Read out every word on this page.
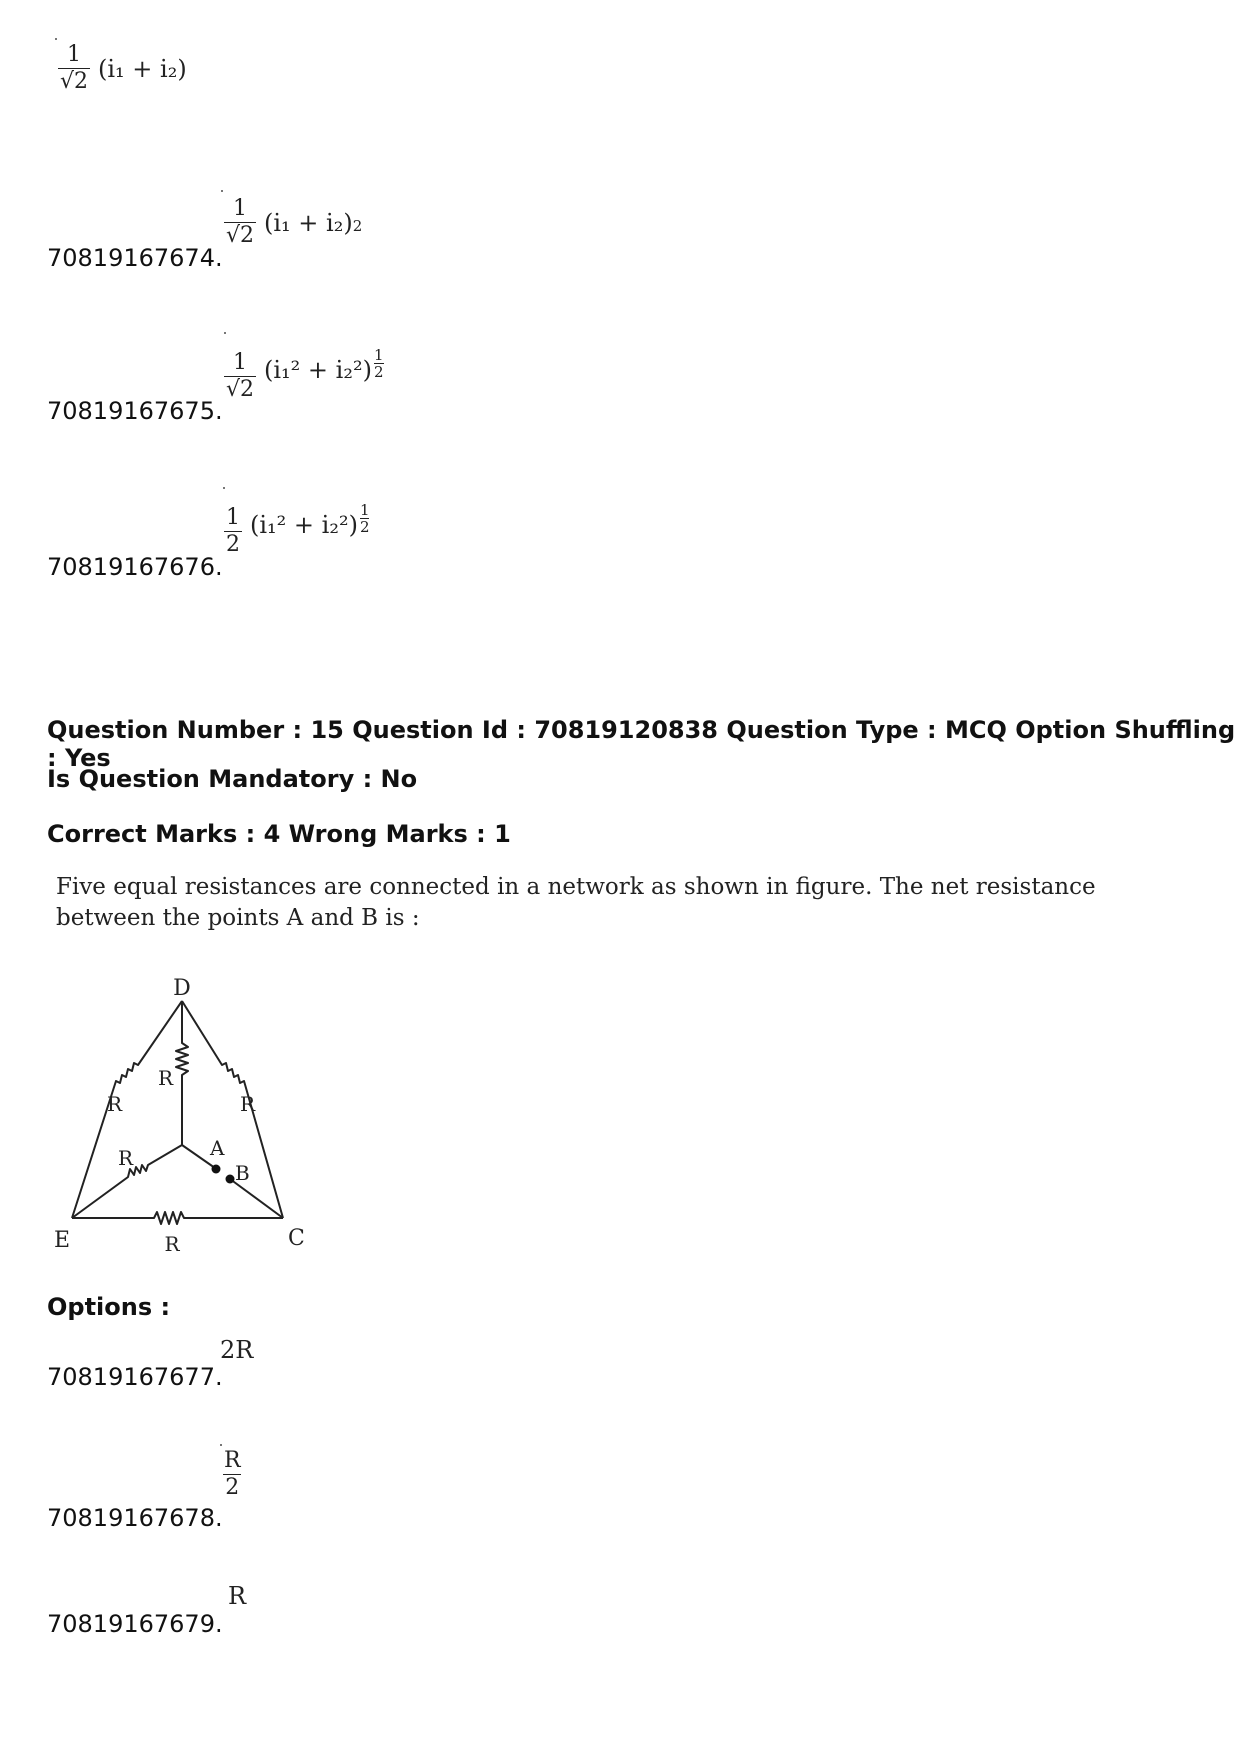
$\frac{1}{√2} (i_1 + i_2)$
70819167674.
$\frac{1}{√2} (i_1 + i_2)$ 2
70819167675.
$\frac{1}{√2} (i_1^2 + i_2^2) \frac{1}{2}$
70819167676.
$\frac{1}{2} (i_1^2 + i_2^2) \frac{1}{2}$
Question Number : 15 Question Id : 70819120838 Question Type : MCQ Option Shuffling : Yes
Is Question Mandatory : No
Correct Marks : 4 Wrong Marks : 1
Five equal resistances are connected in a network as shown in figure. The net resistance
between the points A and B is :
D
E	C
A
B
R
R
R
R
R
Options :
70819167677.
2R
70819167678.
$\frac{R}{2}$
70819167679.
R
